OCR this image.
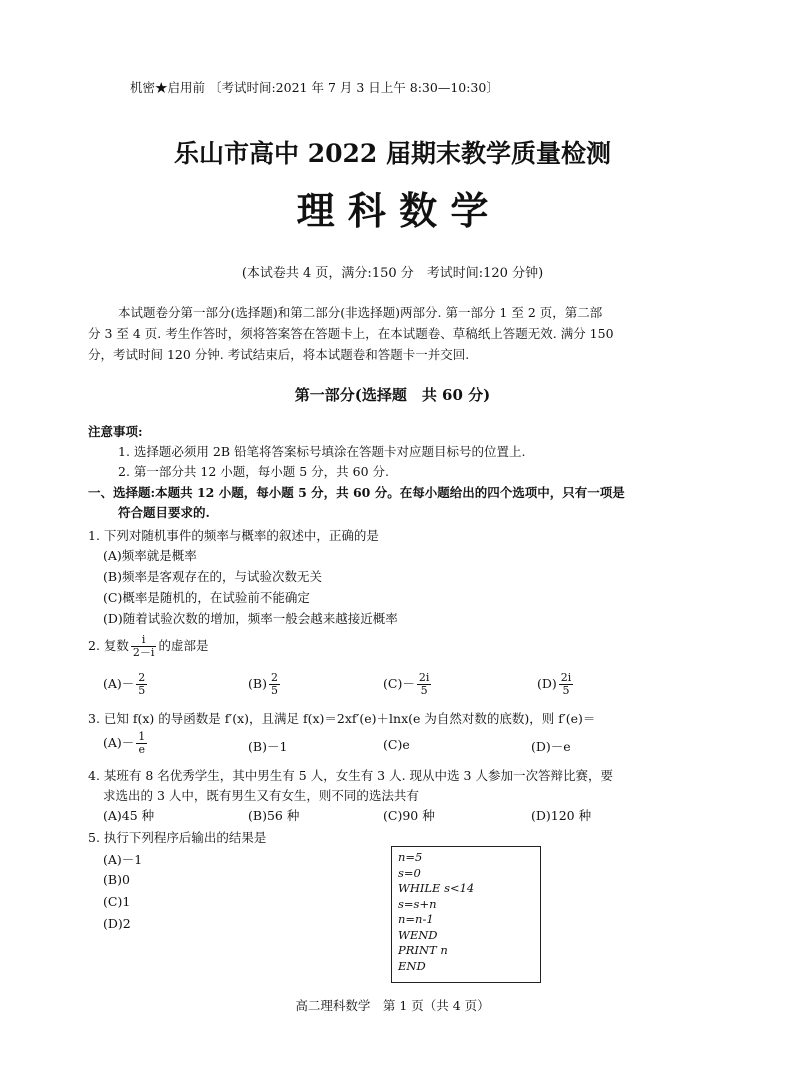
机密★启用前 〔考试时间:2021 年 7 月 3 日上午 8:30—10:30〕
乐山市高中 2022 届期末教学质量检测
理 科 数 学
(本试卷共 4 页，满分:150 分　考试时间:120 分钟)
本试题卷分第一部分(选择题)和第二部分(非选择题)两部分. 第一部分 1 至 2 页，第二部
分 3 至 4 页. 考生作答时，须将答案答在答题卡上，在本试题卷、草稿纸上答题无效. 满分 150
分，考试时间 120 分钟. 考试结束后，将本试题卷和答题卡一并交回.
第一部分(选择题　共 60 分)
注意事项:
1. 选择题必须用 2B 铅笔将答案标号填涂在答题卡对应题目标号的位置上.
2. 第一部分共 12 小题，每小题 5 分，共 60 分.
一、选择题:本题共 12 小题，每小题 5 分，共 60 分。在每小题给出的四个选项中，只有一项是
符合题目要求的.
1. 下列对随机事件的频率与概率的叙述中，正确的是
(A)频率就是概率
(B)频率是客观存在的，与试验次数无关
(C)概率是随机的，在试验前不能确定
(D)随着试验次数的增加，频率一般会越来越接近概率
2. 复数 $\frac{i}{2-i}$ 的虚部是
$(A)- \frac{2}{5}$	$(B) \frac{2}{5}$	$(C)- \frac{2i}{5}$	$(D) \frac{2i}{5}$
3. 已知 f(x) 的导函数是 f′(x)，且满足 f(x)＝2xf′(e)＋lnx(e 为自然对数的底数)，则 f′(e)＝
$(A)- \frac{1}{e}$	(B)－1	(C)e	(D)－e
4. 某班有 8 名优秀学生，其中男生有 5 人，女生有 3 人. 现从中选 3 人参加一次答辩比赛，要
求选出的 3 人中，既有男生又有女生，则不同的选法共有
(A)45 种	(B)56 种	(C)90 种	(D)120 种
5. 执行下列程序后输出的结果是
(A)－1
(B)0
(C)1
(D)2
n=5
s=0
WHILE s<14
s=s+n
n=n-1
WEND
PRINT n
END
高二理科数学　第 1 页（共 4 页）
